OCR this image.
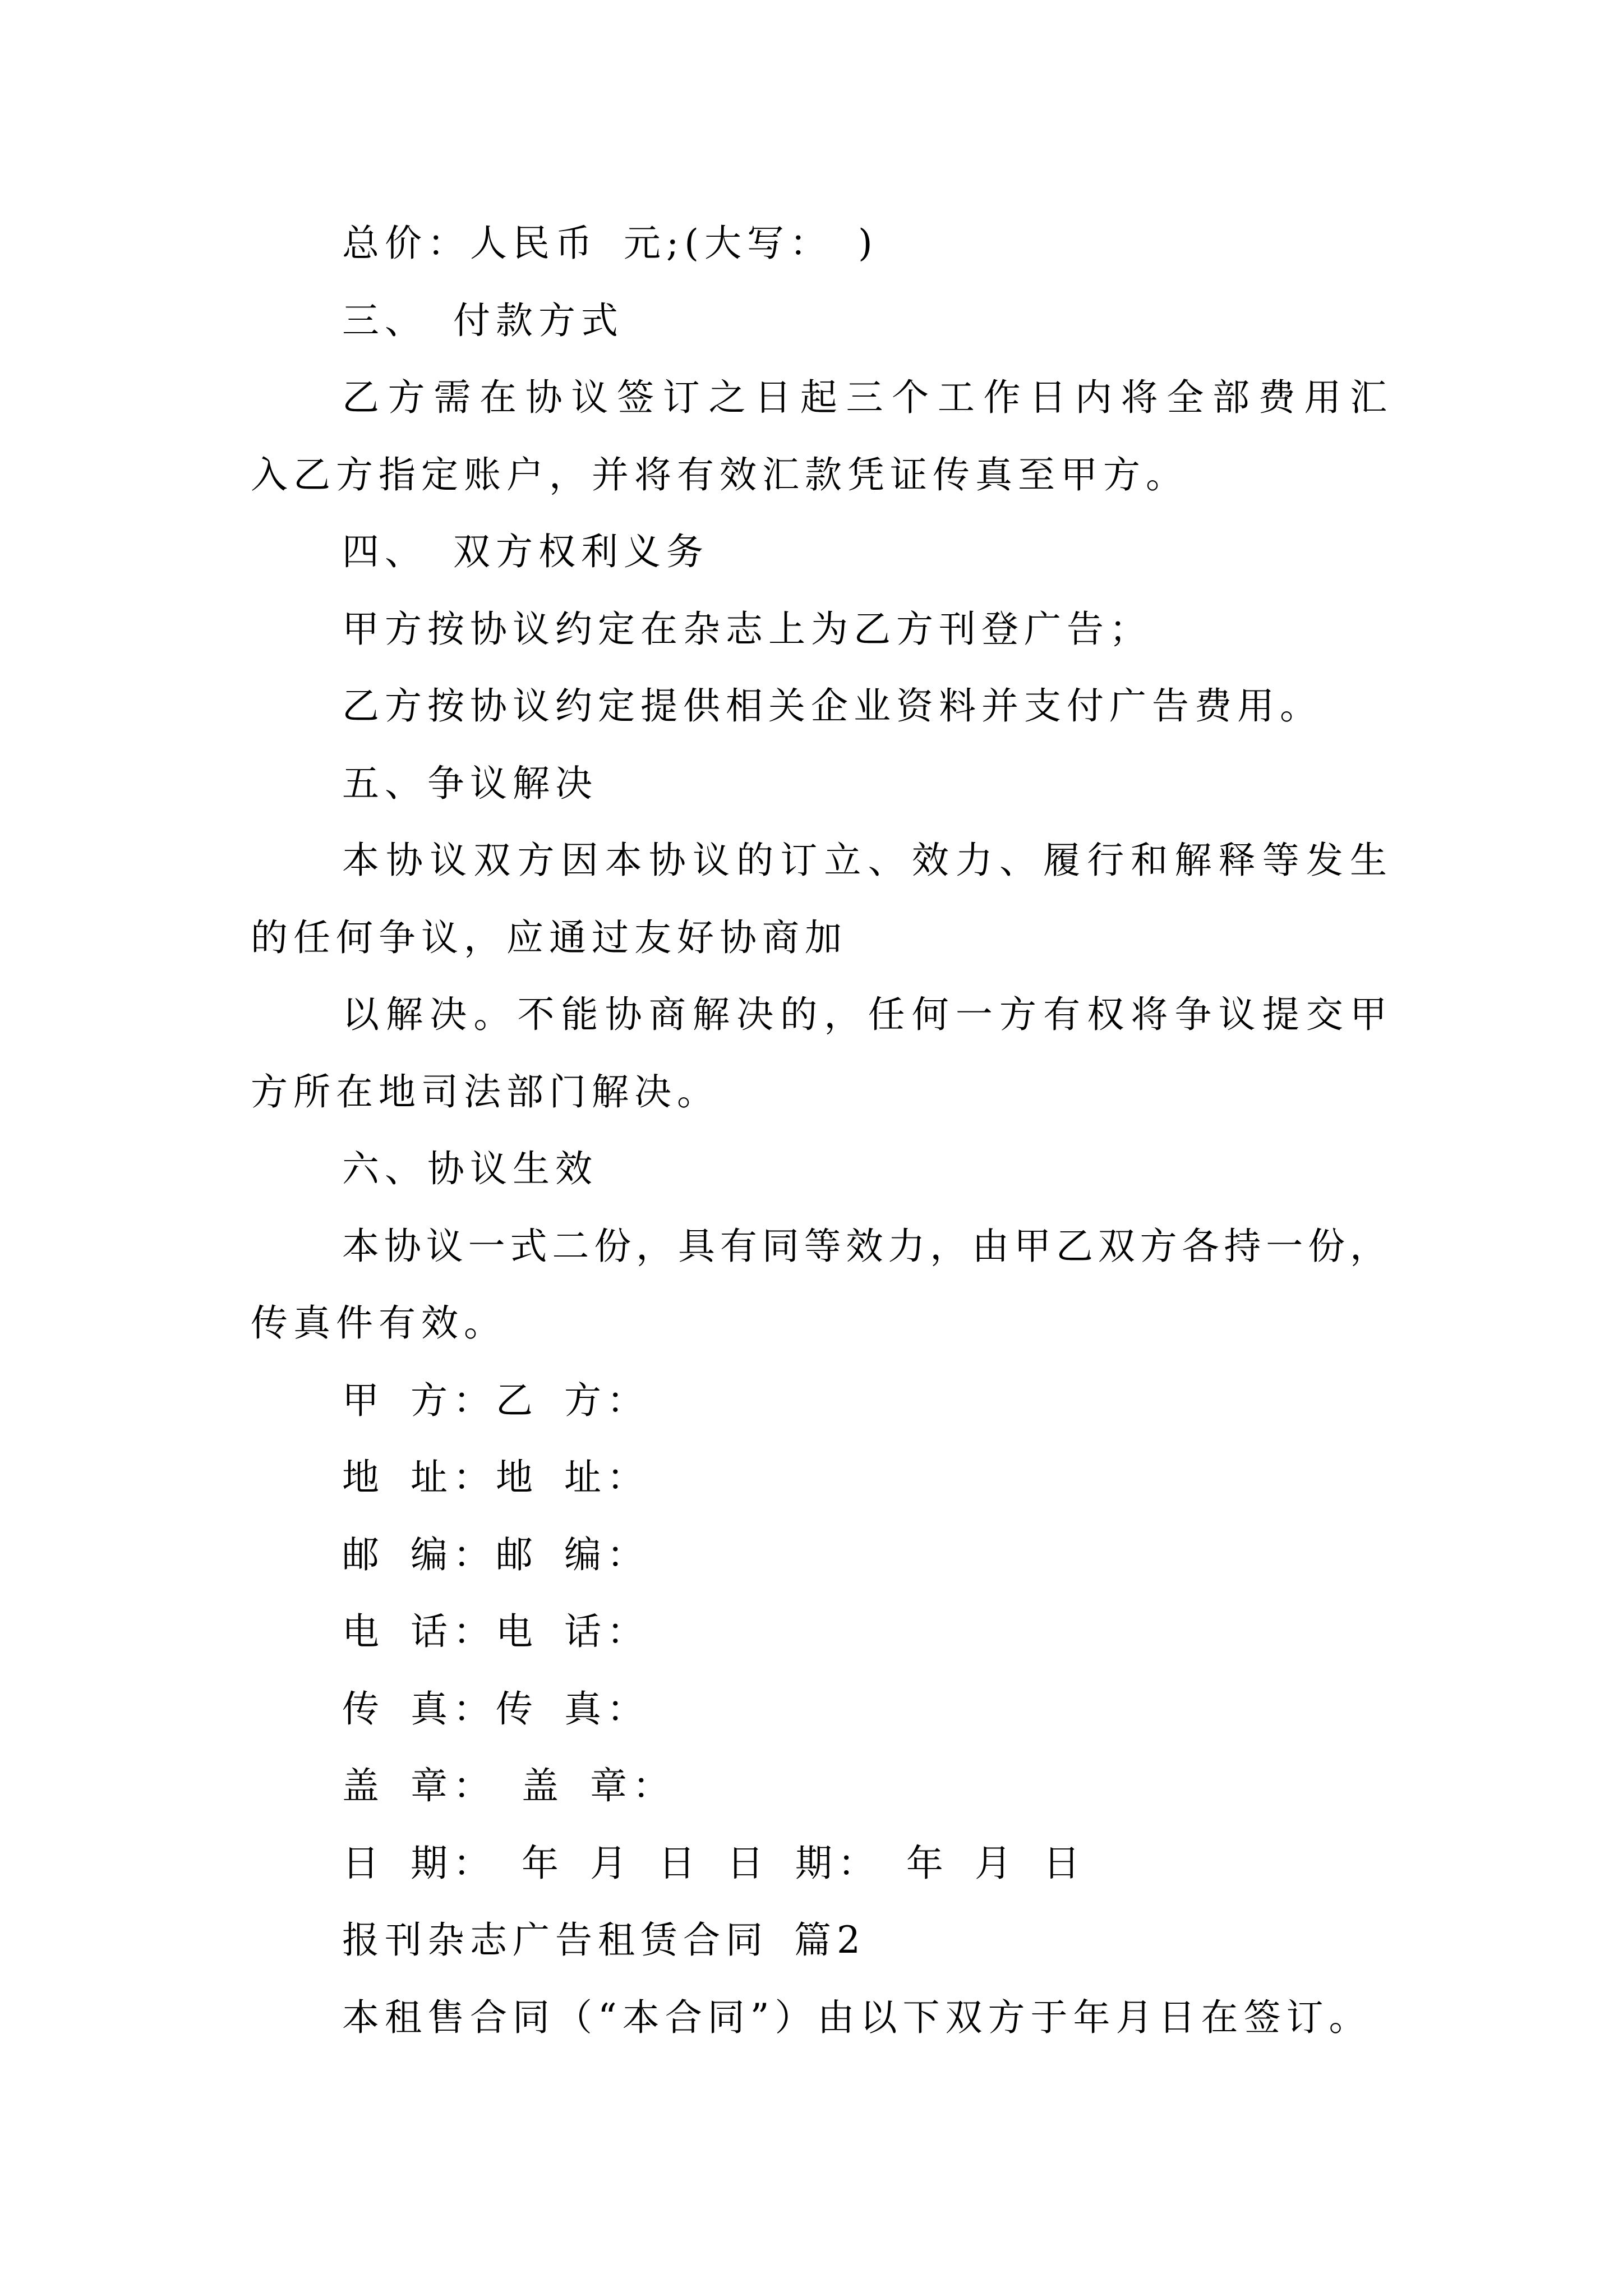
总价：人民币 元;(大写： )
三、 付款方式
乙方需在协议签订之日起三个工作日内将全部费用汇
入乙方指定账户，并将有效汇款凭证传真至甲方。
四、 双方权利义务
甲方按协议约定在杂志上为乙方刊登广告；
乙方按协议约定提供相关企业资料并支付广告费用。
五、争议解决
本协议双方因本协议的订立、效力、履行和解释等发生
的任何争议，应通过友好协商加
以解决。不能协商解决的，任何一方有权将争议提交甲
方所在地司法部门解决。
六、协议生效
本协议一式二份，具有同等效力，由甲乙双方各持一份，
传真件有效。
甲 方：乙 方：
地 址：地 址：
邮 编：邮 编：
电 话：电 话：
传 真：传 真：
盖 章： 盖 章：
日 期： 年 月 日 日 期： 年 月 日
报刊杂志广告租赁合同 篇2
本租售合同（“本合同”）由以下双方于年月日在签订。
